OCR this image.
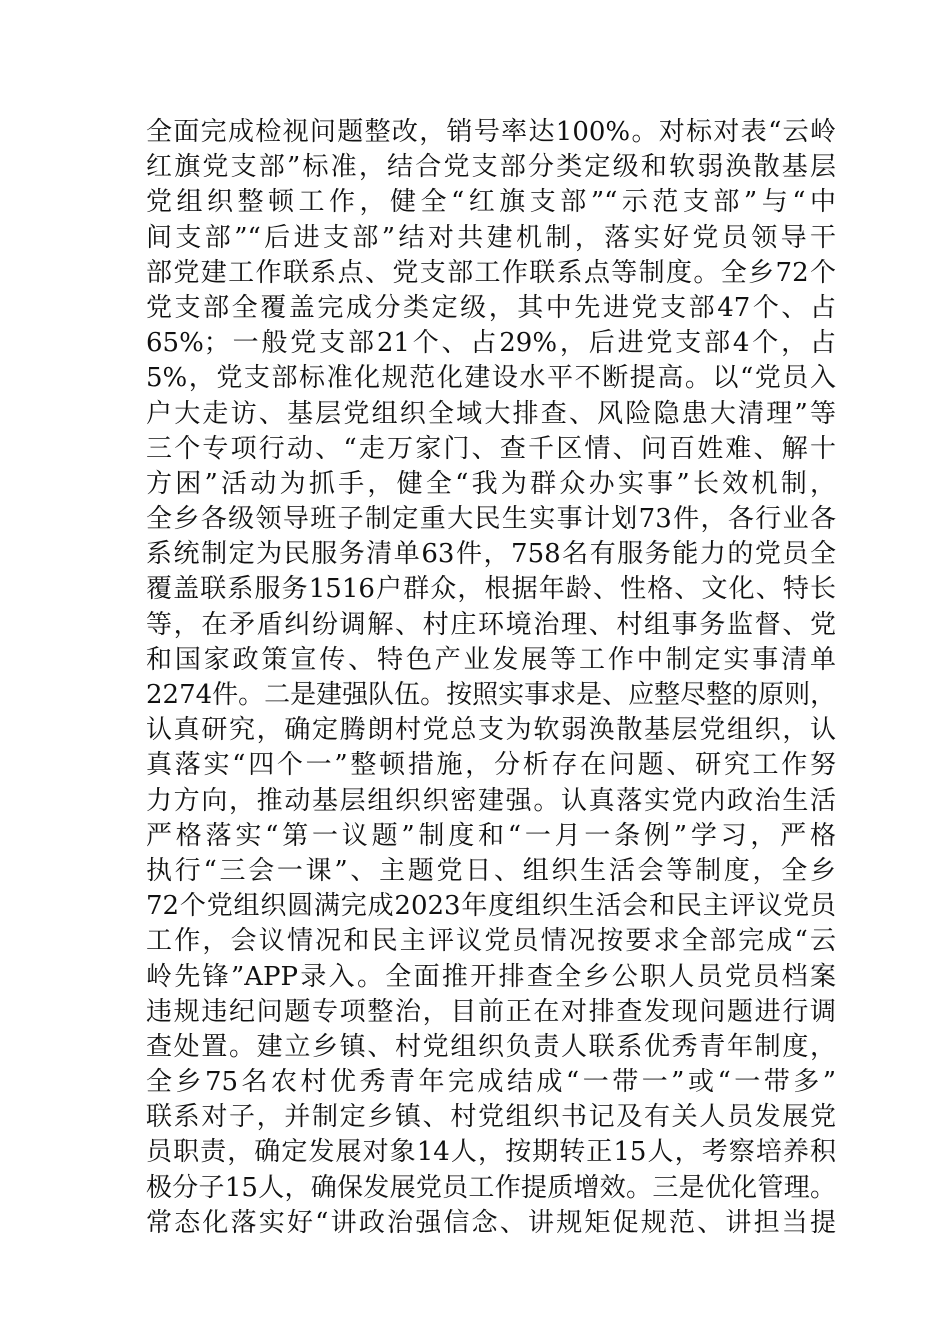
全面完成检视问题整改，销号率达100%。对标对表“云岭
红旗党支部”标准，结合党支部分类定级和软弱涣散基层
党组织整顿工作，健全“红旗支部”“示范支部”与“中
间支部”“后进支部”结对共建机制，落实好党员领导干
部党建工作联系点、党支部工作联系点等制度。全乡72个
党支部全覆盖完成分类定级，其中先进党支部47个、占
65%；一般党支部21个、占29%，后进党支部4个，占
5%，党支部标准化规范化建设水平不断提高。以“党员入
户大走访、基层党组织全域大排查、风险隐患大清理”等
三个专项行动、“走万家门、查千区情、问百姓难、解十
方困”活动为抓手，健全“我为群众办实事”长效机制，
全乡各级领导班子制定重大民生实事计划73件，各行业各
系统制定为民服务清单63件，758名有服务能力的党员全
覆盖联系服务1516户群众，根据年龄、性格、文化、特长
等，在矛盾纠纷调解、村庄环境治理、村组事务监督、党
和国家政策宣传、特色产业发展等工作中制定实事清单
2274件。二是建强队伍。按照实事求是、应整尽整的原则，
认真研究，确定腾朗村党总支为软弱涣散基层党组织，认
真落实“四个一”整顿措施，分析存在问题、研究工作努
力方向，推动基层组织织密建强。认真落实党内政治生活
严格落实“第一议题”制度和“一月一条例”学习，严格
执行“三会一课”、主题党日、组织生活会等制度，全乡
72个党组织圆满完成2023年度组织生活会和民主评议党员
工作，会议情况和民主评议党员情况按要求全部完成“云
岭先锋”APP录入。全面推开排查全乡公职人员党员档案
违规违纪问题专项整治，目前正在对排查发现问题进行调
查处置。建立乡镇、村党组织负责人联系优秀青年制度，
全乡75名农村优秀青年完成结成“一带一”或“一带多”
联系对子，并制定乡镇、村党组织书记及有关人员发展党
员职责，确定发展对象14人，按期转正15人，考察培养积
极分子15人，确保发展党员工作提质增效。三是优化管理。
常态化落实好“讲政治强信念、讲规矩促规范、讲担当提
